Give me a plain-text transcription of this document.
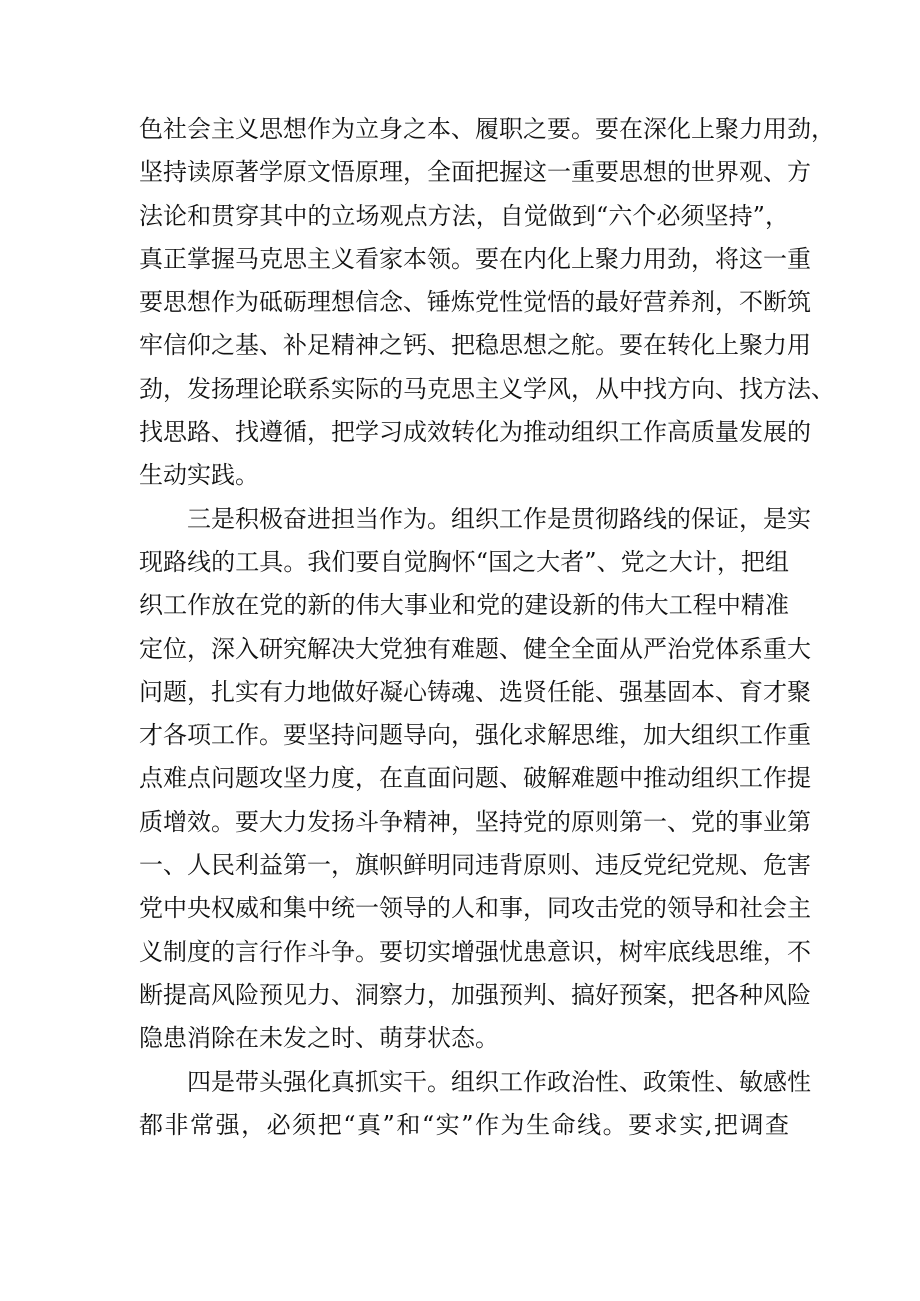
色社会主义思想作为立身之本、履职之要。要在深化上聚力用劲，
坚持读原著学原文悟原理，全面把握这一重要思想的世界观、方
法论和贯穿其中的立场观点方法，自觉做到“六个必须坚持”，
真正掌握马克思主义看家本领。要在内化上聚力用劲，将这一重
要思想作为砥砺理想信念、锤炼党性觉悟的最好营养剂，不断筑
牢信仰之基、补足精神之钙、把稳思想之舵。要在转化上聚力用
劲，发扬理论联系实际的马克思主义学风，从中找方向、找方法、
找思路、找遵循，把学习成效转化为推动组织工作高质量发展的
生动实践。
三是积极奋进担当作为。组织工作是贯彻路线的保证，是实
现路线的工具。我们要自觉胸怀“国之大者”、党之大计，把组
织工作放在党的新的伟大事业和党的建设新的伟大工程中精准
定位，深入研究解决大党独有难题、健全全面从严治党体系重大
问题，扎实有力地做好凝心铸魂、选贤任能、强基固本、育才聚
才各项工作。要坚持问题导向，强化求解思维，加大组织工作重
点难点问题攻坚力度，在直面问题、破解难题中推动组织工作提
质增效。要大力发扬斗争精神，坚持党的原则第一、党的事业第
一、人民利益第一，旗帜鲜明同违背原则、违反党纪党规、危害
党中央权威和集中统一领导的人和事，同攻击党的领导和社会主
义制度的言行作斗争。要切实增强忧患意识，树牢底线思维，不
断提高风险预见力、洞察力，加强预判、搞好预案，把各种风险
隐患消除在未发之时、萌芽状态。
四是带头强化真抓实干。组织工作政治性、政策性、敏感性
都非常强，必须把“真”和“实”作为生命线。要求实,把调查
